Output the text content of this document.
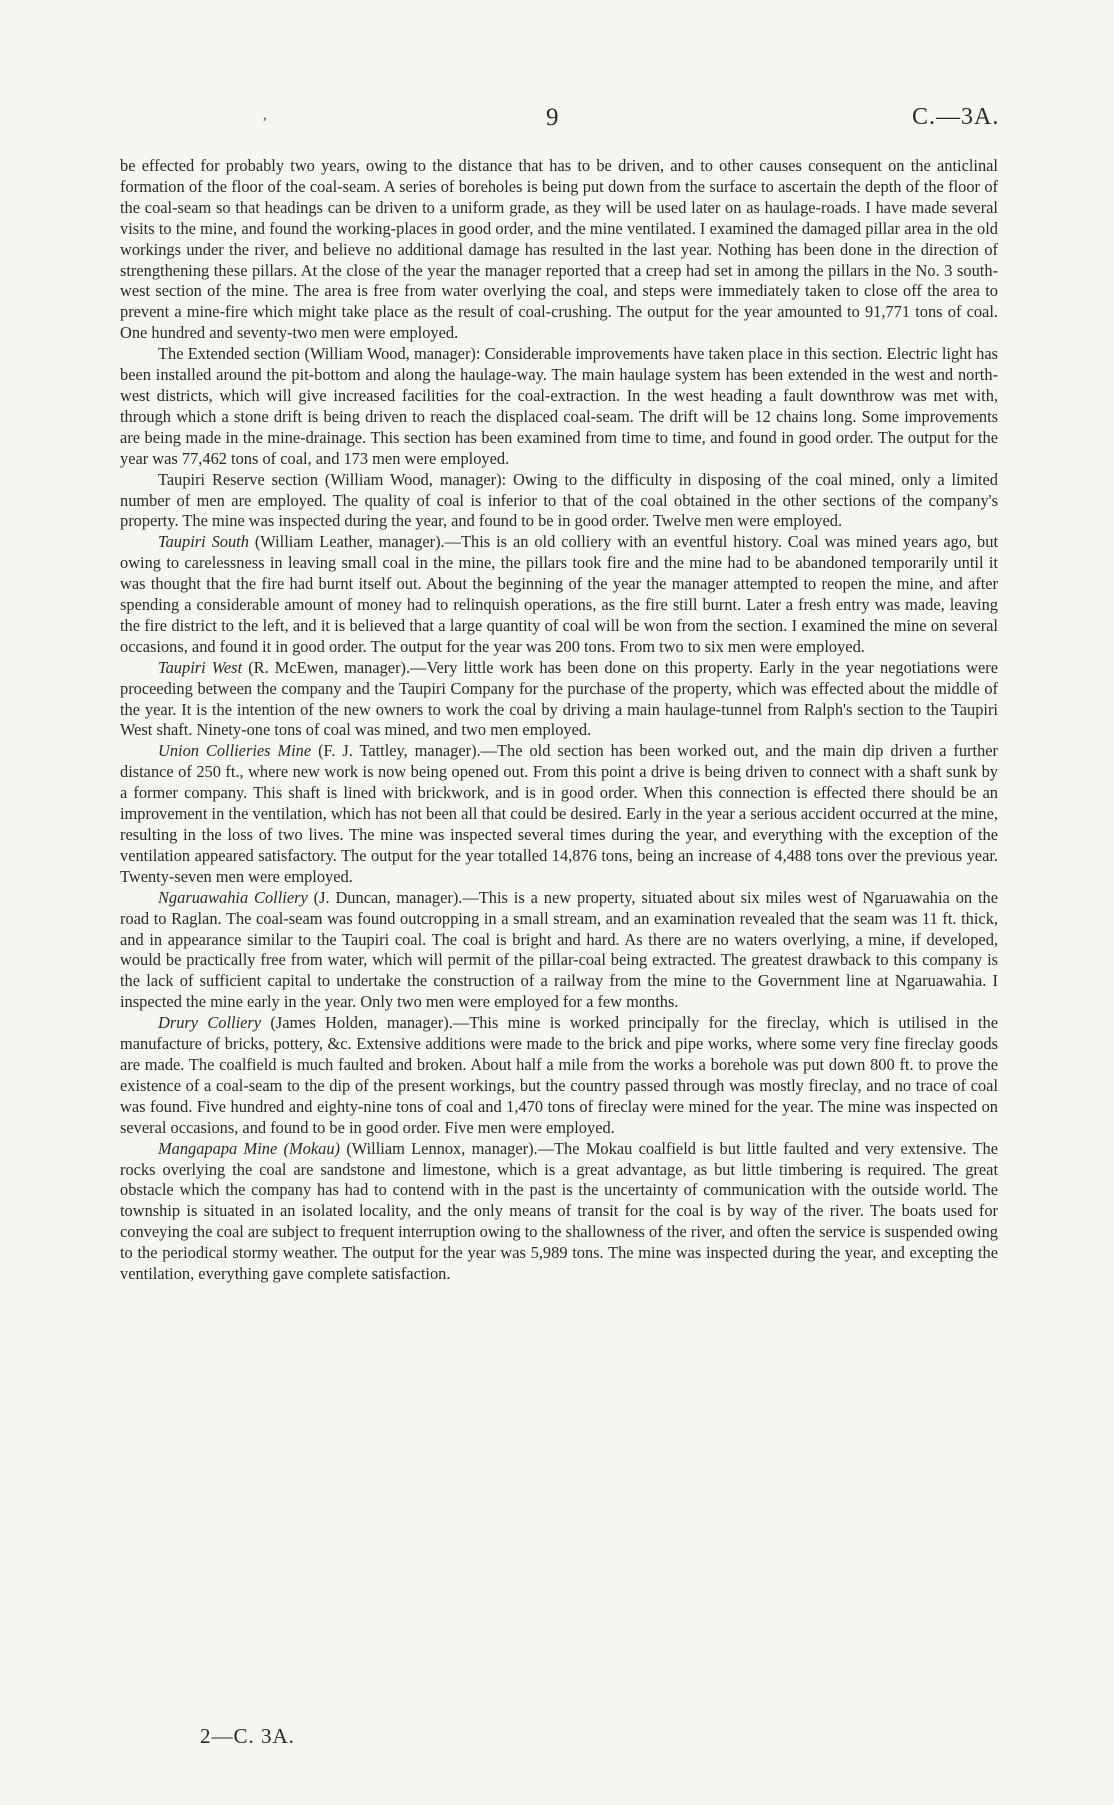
‚	9	C.—3A.

be effected for probably two years, owing to the distance that has to be driven, and to other causes consequent on the anticlinal formation of the floor of the coal-seam. A series of boreholes is being put down from the surface to ascertain the depth of the floor of the coal-seam so that headings can be driven to a uniform grade, as they will be used later on as haulage-roads. I have made several visits to the mine, and found the working-places in good order, and the mine ventilated. I examined the damaged pillar area in the old workings under the river, and believe no additional damage has resulted in the last year. Nothing has been done in the direction of strengthening these pillars. At the close of the year the manager reported that a creep had set in among the pillars in the No. 3 south-west section of the mine. The area is free from water overlying the coal, and steps were immediately taken to close off the area to prevent a mine-fire which might take place as the result of coal-crushing. The output for the year amounted to 91,771 tons of coal. One hundred and seventy-two men were employed.

The Extended section (William Wood, manager): Considerable improvements have taken place in this section. Electric light has been installed around the pit-bottom and along the haulage-way. The main haulage system has been extended in the west and north-west districts, which will give increased facilities for the coal-extraction. In the west heading a fault downthrow was met with, through which a stone drift is being driven to reach the displaced coal-seam. The drift will be 12 chains long. Some improvements are being made in the mine-drainage. This section has been examined from time to time, and found in good order. The output for the year was 77,462 tons of coal, and 173 men were employed.

Taupiri Reserve section (William Wood, manager): Owing to the difficulty in disposing of the coal mined, only a limited number of men are employed. The quality of coal is inferior to that of the coal obtained in the other sections of the company's property. The mine was inspected during the year, and found to be in good order. Twelve men were employed.

Taupiri South (William Leather, manager).—This is an old colliery with an eventful history. Coal was mined years ago, but owing to carelessness in leaving small coal in the mine, the pillars took fire and the mine had to be abandoned temporarily until it was thought that the fire had burnt itself out. About the beginning of the year the manager attempted to reopen the mine, and after spending a considerable amount of money had to relinquish operations, as the fire still burnt. Later a fresh entry was made, leaving the fire district to the left, and it is believed that a large quantity of coal will be won from the section. I examined the mine on several occasions, and found it in good order. The output for the year was 200 tons. From two to six men were employed.

Taupiri West (R. McEwen, manager).—Very little work has been done on this property. Early in the year negotiations were proceeding between the company and the Taupiri Company for the purchase of the property, which was effected about the middle of the year. It is the intention of the new owners to work the coal by driving a main haulage-tunnel from Ralph's section to the Taupiri West shaft. Ninety-one tons of coal was mined, and two men employed.

Union Collieries Mine (F. J. Tattley, manager).—The old section has been worked out, and the main dip driven a further distance of 250 ft., where new work is now being opened out. From this point a drive is being driven to connect with a shaft sunk by a former company. This shaft is lined with brickwork, and is in good order. When this connection is effected there should be an improvement in the ventilation, which has not been all that could be desired. Early in the year a serious accident occurred at the mine, resulting in the loss of two lives. The mine was inspected several times during the year, and everything with the exception of the ventilation appeared satisfactory. The output for the year totalled 14,876 tons, being an increase of 4,488 tons over the previous year. Twenty-seven men were employed.

Ngaruawahia Colliery (J. Duncan, manager).—This is a new property, situated about six miles west of Ngaruawahia on the road to Raglan. The coal-seam was found outcropping in a small stream, and an examination revealed that the seam was 11 ft. thick, and in appearance similar to the Taupiri coal. The coal is bright and hard. As there are no waters overlying, a mine, if developed, would be practically free from water, which will permit of the pillar-coal being extracted. The greatest drawback to this company is the lack of sufficient capital to undertake the construction of a railway from the mine to the Government line at Ngaruawahia. I inspected the mine early in the year. Only two men were employed for a few months.

Drury Colliery (James Holden, manager).—This mine is worked principally for the fireclay, which is utilised in the manufacture of bricks, pottery, &c. Extensive additions were made to the brick and pipe works, where some very fine fireclay goods are made. The coalfield is much faulted and broken. About half a mile from the works a borehole was put down 800 ft. to prove the existence of a coal-seam to the dip of the present workings, but the country passed through was mostly fireclay, and no trace of coal was found. Five hundred and eighty-nine tons of coal and 1,470 tons of fireclay were mined for the year. The mine was inspected on several occasions, and found to be in good order. Five men were employed.

Mangapapa Mine (Mokau) (William Lennox, manager).—The Mokau coalfield is but little faulted and very extensive. The rocks overlying the coal are sandstone and limestone, which is a great advantage, as but little timbering is required. The great obstacle which the company has had to contend with in the past is the uncertainty of communication with the outside world. The township is situated in an isolated locality, and the only means of transit for the coal is by way of the river. The boats used for conveying the coal are subject to frequent interruption owing to the shallowness of the river, and often the service is suspended owing to the periodical stormy weather. The output for the year was 5,989 tons. The mine was inspected during the year, and excepting the ventilation, everything gave complete satisfaction.

2—C. 3A.
